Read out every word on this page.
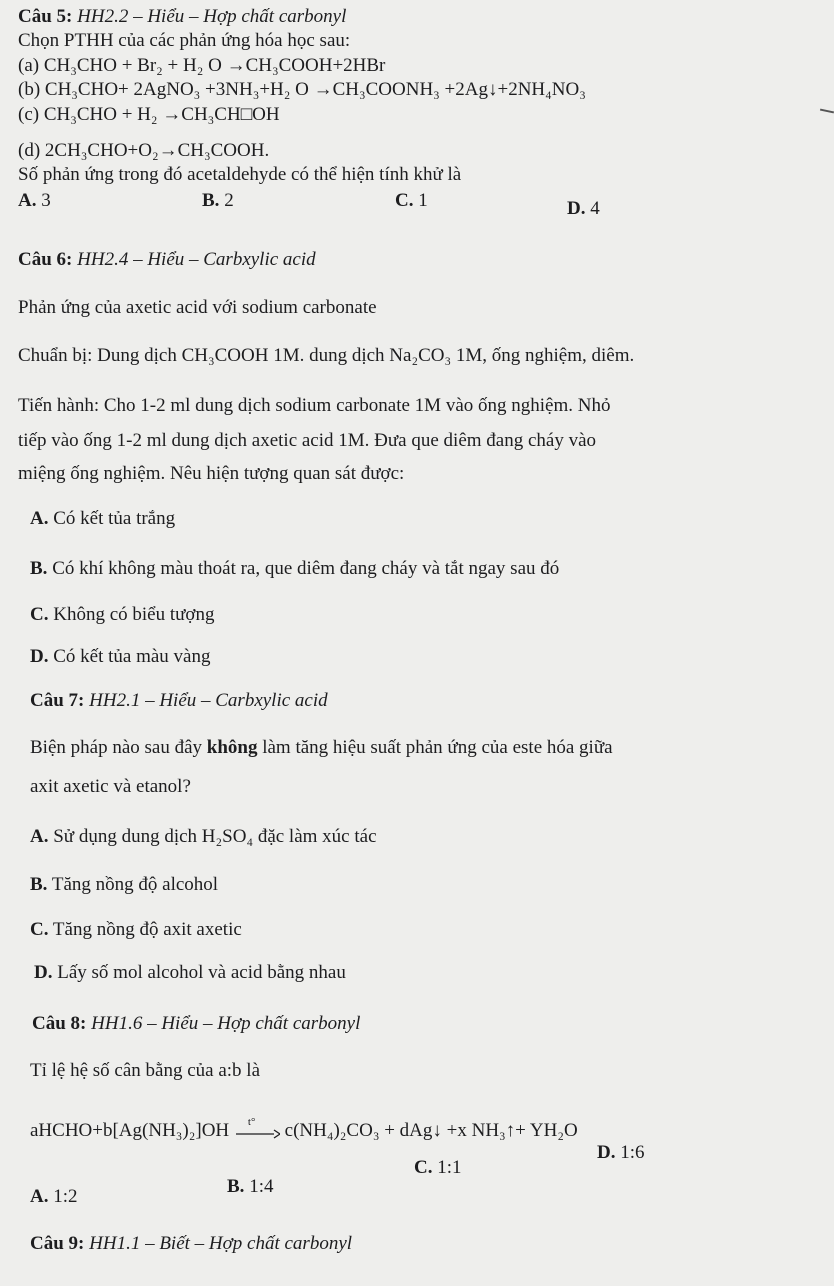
Câu 5: HH2.2 – Hiểu – Hợp chất carbonyl
Chọn PTHH của các phản ứng hóa học sau:
(a) CH₃CHO + Br₂ + H₂ O →CH₃COOH+2HBr
(b) CH₃CHO+ 2AgNO₃ +3NH₃+H₂ O →CH₃COONH₃ +2Ag↓+2NH₄NO₃
(c) CH₃CHO + H₂ →CH₃CH□OH
(d) 2CH₃CHO+O₂→CH₃COOH.
Số phản ứng trong đó acetaldehyde có thể hiện tính khử là
A. 3	B. 2	C. 1	D. 4
Câu 6: HH2.4 – Hiểu – Carbxylic acid
Phản ứng của axetic acid với sodium carbonate
Chuẩn bị: Dung dịch CH₃COOH 1M. dung dịch Na₂CO₃ 1M, ống nghiệm, diêm.
Tiến hành: Cho 1-2 ml dung dịch sodium carbonate 1M vào ống nghiệm. Nhỏ
tiếp vào ống 1-2 ml dung dịch axetic acid 1M. Đưa que diêm đang cháy vào
miệng ống nghiệm. Nêu hiện tượng quan sát được:
A. Có kết tủa trắng
B. Có khí không màu thoát ra, que diêm đang cháy và tắt ngay sau đó
C. Không có biểu tượng
D. Có kết tủa màu vàng
Câu 7: HH2.1 – Hiểu – Carbxylic acid
Biện pháp nào sau đây không làm tăng hiệu suất phản ứng của este hóa giữa
axit axetic và etanol?
A. Sử dụng dung dịch H₂SO₄ đặc làm xúc tác
B. Tăng nồng độ alcohol
C. Tăng nồng độ axit axetic
D. Lấy số mol alcohol và acid bằng nhau
Câu 8: HH1.6 – Hiểu – Hợp chất carbonyl
Tỉ lệ hệ số cân bằng của a:b là
aHCHO+b[Ag(NH₃)₂]OH t° c(NH₄)₂CO₃ + dAg↓ +x NH₃↑+ YH₂O
A. 1:2	B. 1:4
C. 1:1
D. 1:6
Câu 9: HH1.1 – Biết – Hợp chất carbonyl
